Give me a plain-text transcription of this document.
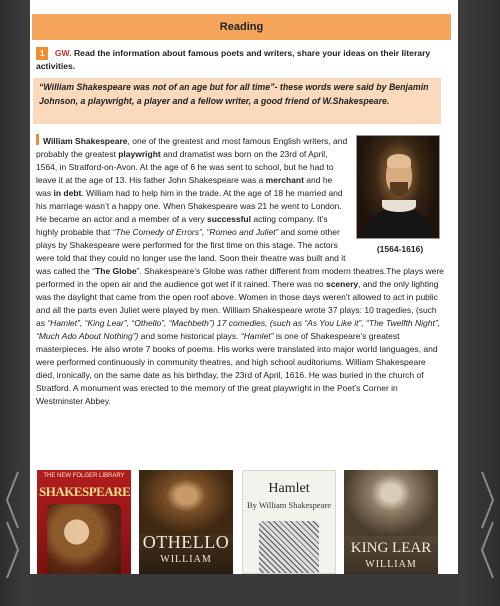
Reading
1 GW. Read the information about famous poets and writers, share your ideas on their literary activities.
“William Shakespeare was not of an age but for all time”- these words were said by Benjamin Johnson, a playwright, a player and a fellow writer, a good friend of W.Shakespeare.
(1564-1616)
William Shakespeare, one of the greatest and most famous English writers, and probably the greatest playwright and dramatist was born on the 23rd of April, 1564, in Stratford-on-Avon. At the age of 6 he was sent to school, but he had to leave it at the age of 13. His father John Shakespeare was a merchant and he was in debt. William had to help him in the trade. At the age of 18 he married and his marriage wasn’t a happy one. When Shakespeare was 21 he went to London. He became an actor and a member of a very successful acting company. It’s highly probable that “The Comedy of Errors”, “Romeo and Juliet” and some other plays by Shakespeare were performed for the first time on this stage. The actors were told that they could no longer use the land. Soon their theatre was built and it was called the “The Globe”. Shakespeare’s Globe was rather different from modern theatres.The plays were performed in the open air and the audience got wet if it rained. There was no scenery, and the only lighting was the daylight that came from the open roof above. Women in those days weren’t allowed to act in public and all the parts even Juliet were played by men. William Shakespeare wrote 37 plays: 10 tragedies, (such as “Hamlet”, “King Lear”, “Othello”, “Machbeth”) 17 comedies, (such as “As You Like it”, “The Twelfth Night”, “Much Ado About Nothing”) and some historical plays. “Hamlet” is one of Shakespeare’s greatest masterpieces. He also wrote 7 books of poems. His works were translated into major world languages, and were performed continuously in community theatres, and high school auditoriums. William Shakespeare died, ironically, on the same date as his birthday, the 23rd of April, 1616. He was buried in the church of Stratford. A monument was erected to the memory of the great playwright in the Poet’s Corner in Westminster Abbey.
THE NEW FOLGER LIBRARY
SHAKESPEARE
OTHELLO
WILLIAM
Hamlet
By William Shakespeare
KING LEAR
WILLIAM
